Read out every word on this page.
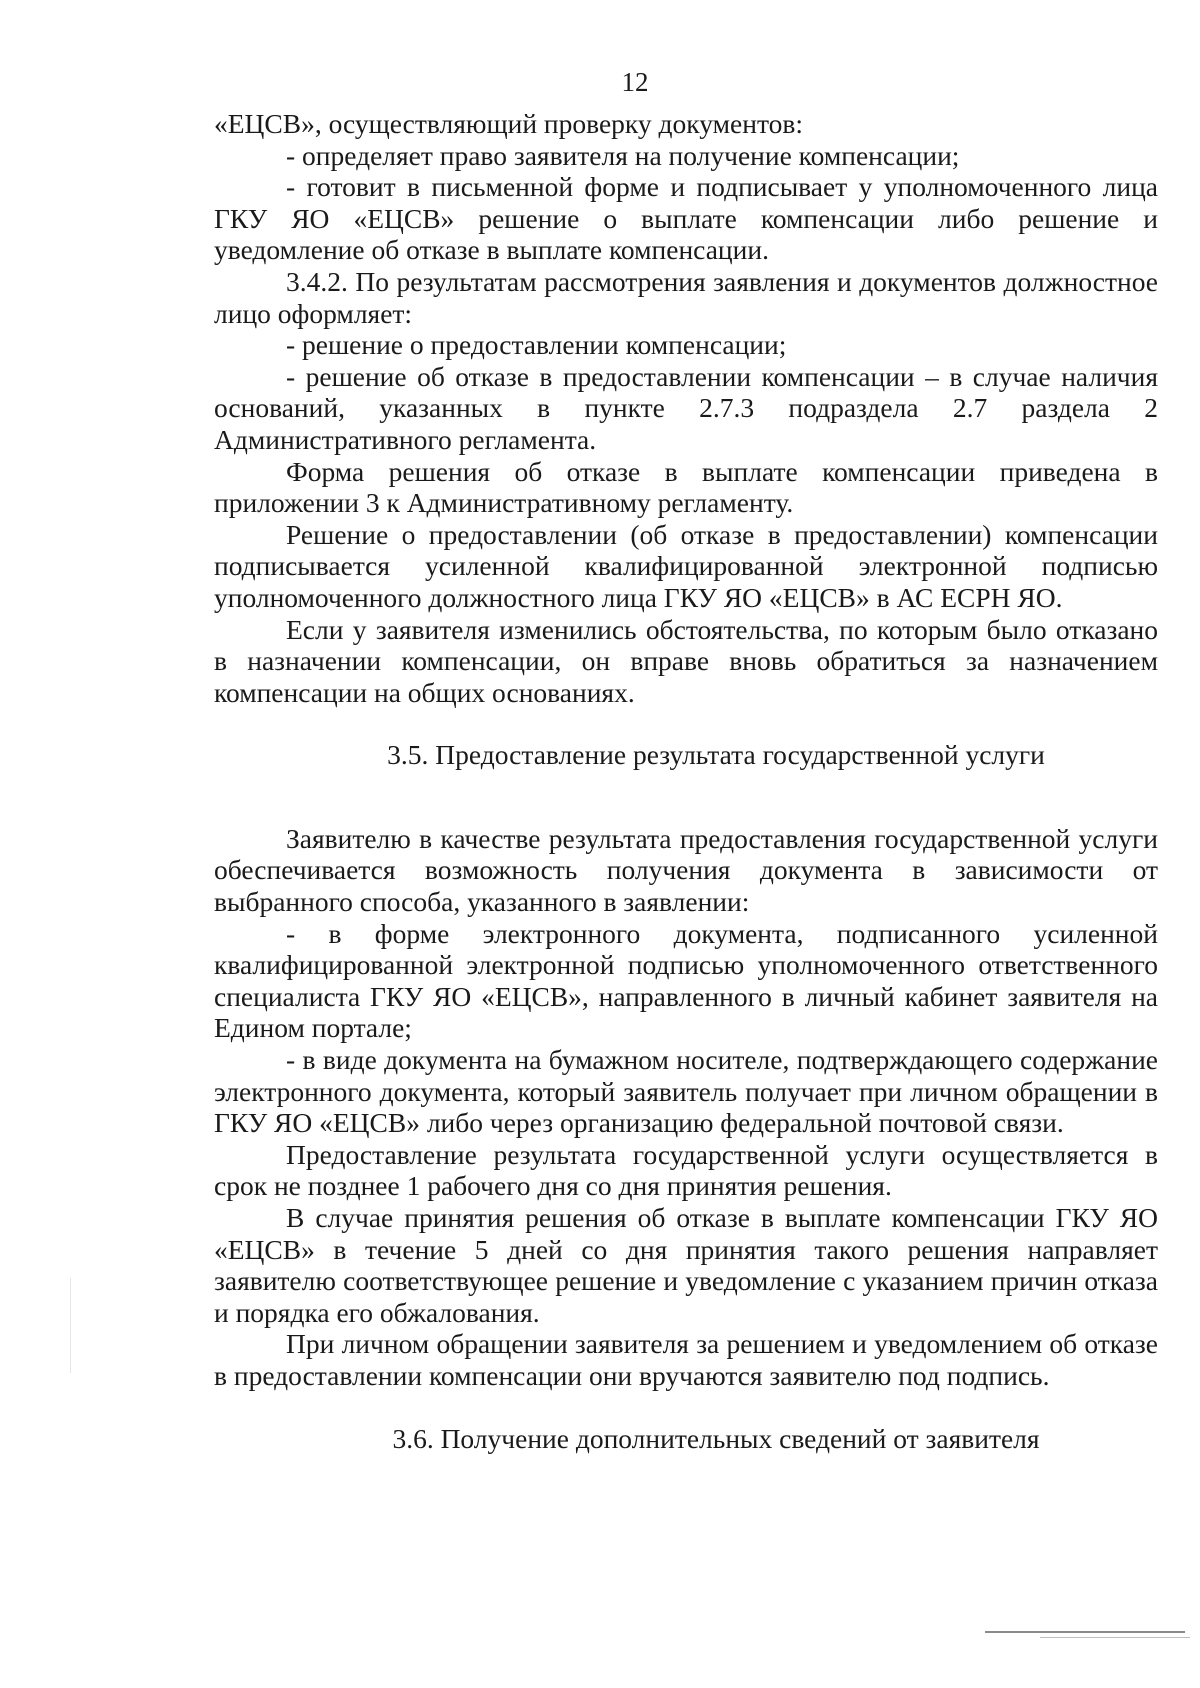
12

«ЕЦСВ», осуществляющий проверку документов:

- определяет право заявителя на получение компенсации;

- готовит в письменной форме и подписывает у уполномоченного лица ГКУ ЯО «ЕЦСВ» решение о выплате компенсации либо решение и уведомление об отказе в выплате компенсации.

3.4.2. По результатам рассмотрения заявления и документов должностное лицо оформляет:

- решение о предоставлении компенсации;

- решение об отказе в предоставлении компенсации – в случае наличия оснований, указанных в пункте 2.7.3 подраздела 2.7 раздела 2 Административного регламента.

Форма решения об отказе в выплате компенсации приведена в приложении 3 к Административному регламенту.

Решение о предоставлении (об отказе в предоставлении) компенсации подписывается усиленной квалифицированной электронной подписью уполномоченного должностного лица ГКУ ЯО «ЕЦСВ» в АС ЕСРН ЯО.

Если у заявителя изменились обстоятельства, по которым было отказано в назначении компенсации, он вправе вновь обратиться за назначением компенсации на общих основаниях.

3.5. Предоставление результата государственной услуги

Заявителю в качестве результата предоставления государственной услуги обеспечивается возможность получения документа в зависимости от выбранного способа, указанного в заявлении:

- в форме электронного документа, подписанного усиленной квалифицированной электронной подписью уполномоченного ответственного специалиста ГКУ ЯО «ЕЦСВ», направленного в личный кабинет заявителя на Едином портале;

- в виде документа на бумажном носителе, подтверждающего содержание электронного документа, который заявитель получает при личном обращении в ГКУ ЯО «ЕЦСВ» либо через организацию федеральной почтовой связи.

Предоставление результата государственной услуги осуществляется в срок не позднее 1 рабочего дня со дня принятия решения.

В случае принятия решения об отказе в выплате компенсации ГКУ ЯО «ЕЦСВ» в течение 5 дней со дня принятия такого решения направляет заявителю соответствующее решение и уведомление с указанием причин отказа и порядка его обжалования.

При личном обращении заявителя за решением и уведомлением об отказе в предоставлении компенсации они вручаются заявителю под подпись.

3.6. Получение дополнительных сведений от заявителя
